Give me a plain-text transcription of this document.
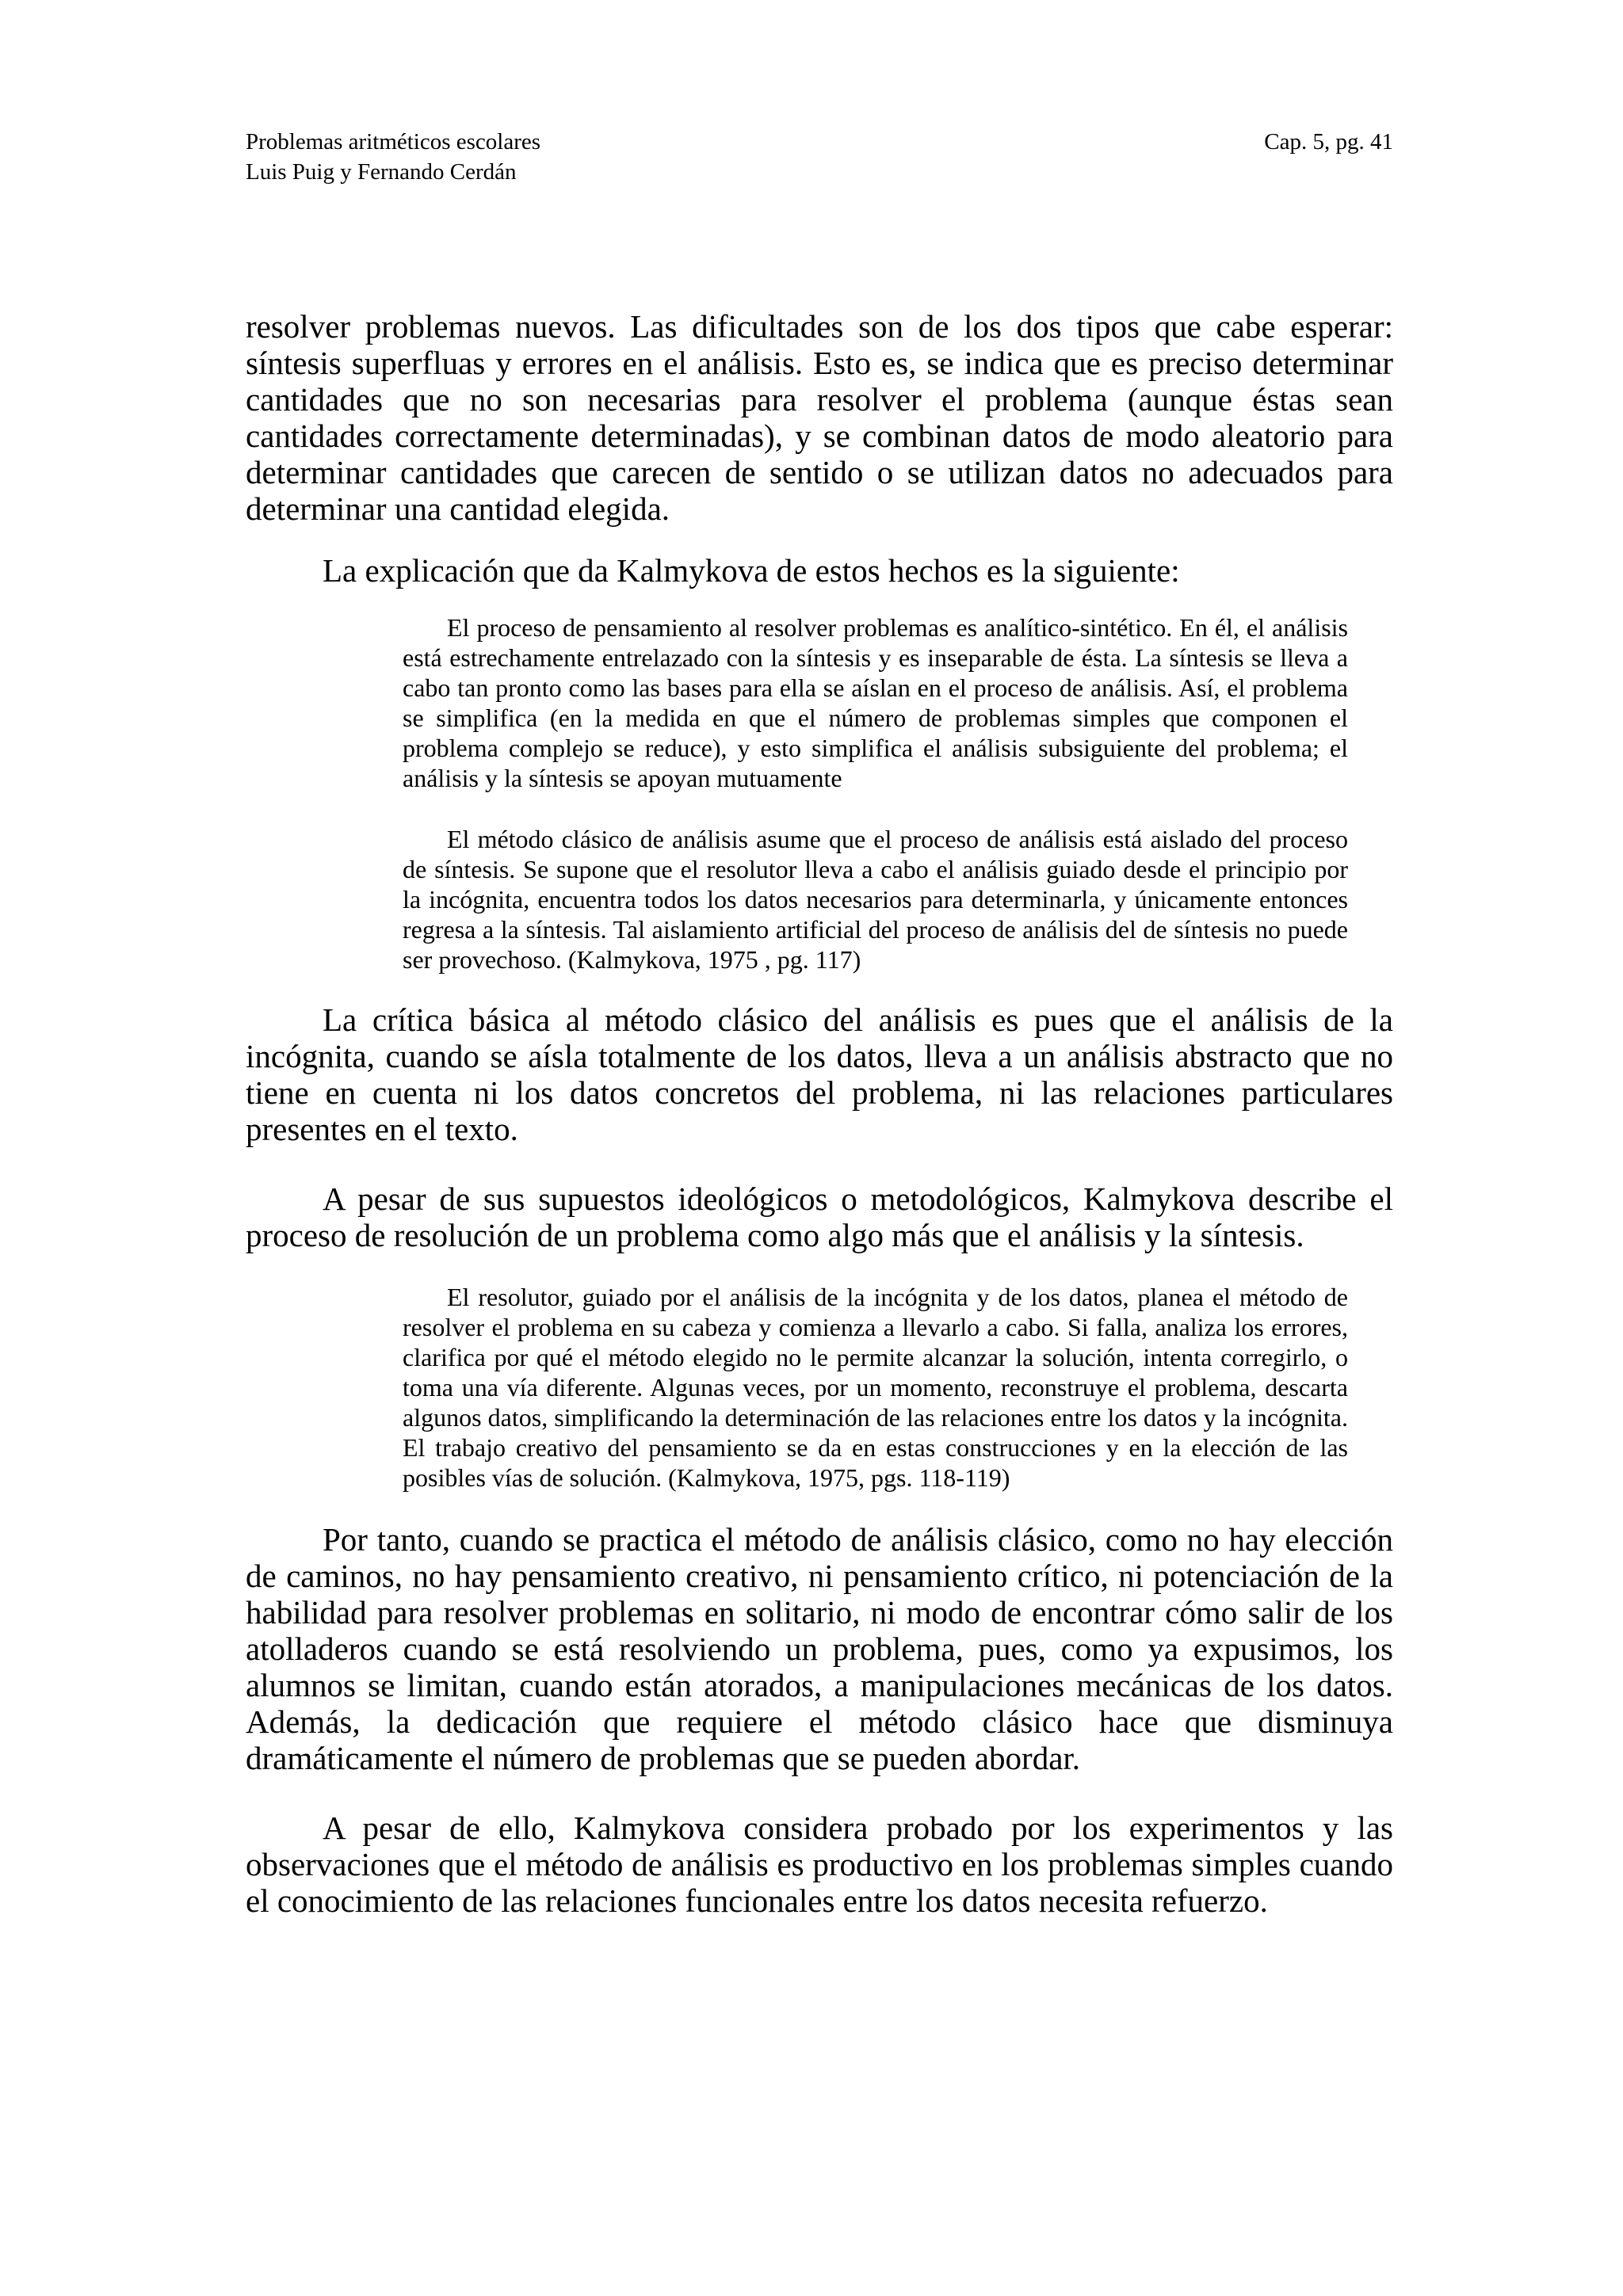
Problemas aritméticos escolares
Luis Puig y Fernando Cerdán
Cap. 5, pg. 41

resolver problemas nuevos. Las dificultades son de los dos tipos que cabe esperar: síntesis superfluas y errores en el análisis. Esto es, se indica que es preciso determinar cantidades que no son necesarias para resolver el problema (aunque éstas sean cantidades correctamente determinadas), y se combinan datos de modo aleatorio para determinar cantidades que carecen de sentido o se utilizan datos no adecuados para determinar una cantidad elegida.

La explicación que da Kalmykova de estos hechos es la siguiente:

El proceso de pensamiento al resolver problemas es analítico-sintético. En él, el análisis está estrechamente entrelazado con la síntesis y es inseparable de ésta. La síntesis se lleva a cabo tan pronto como las bases para ella se aíslan en el proceso de análisis. Así, el problema se simplifica (en la medida en que el número de problemas simples que componen el problema complejo se reduce), y esto simplifica el análisis subsiguiente del problema; el análisis y la síntesis se apoyan mutuamente

El método clásico de análisis asume que el proceso de análisis está aislado del proceso de síntesis. Se supone que el resolutor lleva a cabo el análisis guiado desde el principio por la incógnita, encuentra todos los datos necesarios para determinarla, y únicamente entonces regresa a la síntesis. Tal aislamiento artificial del proceso de análisis del de síntesis no puede ser provechoso. (Kalmykova, 1975 , pg. 117)

La crítica básica al método clásico del análisis es pues que el análisis de la incógnita, cuando se aísla totalmente de los datos, lleva a un análisis abstracto que no tiene en cuenta ni los datos concretos del problema, ni las relaciones particulares presentes en el texto.

A pesar de sus supuestos ideológicos o metodológicos, Kalmykova describe el proceso de resolución de un problema como algo más que el análisis y la síntesis.

El resolutor, guiado por el análisis de la incógnita y de los datos, planea el método de resolver el problema en su cabeza y comienza a llevarlo a cabo. Si falla, analiza los errores, clarifica por qué el método elegido no le permite alcanzar la solución, intenta corregirlo, o toma una vía diferente. Algunas veces, por un momento, reconstruye el problema, descarta algunos datos, simplificando la determinación de las relaciones entre los datos y la incógnita. El trabajo creativo del pensamiento se da en estas construcciones y en la elección de las posibles vías de solución. (Kalmykova, 1975, pgs. 118-119)

Por tanto, cuando se practica el método de análisis clásico, como no hay elección de caminos, no hay pensamiento creativo, ni pensamiento crítico, ni potenciación de la habilidad para resolver problemas en solitario, ni modo de encontrar cómo salir de los atolladeros cuando se está resolviendo un problema, pues, como ya expusimos, los alumnos se limitan, cuando están atorados, a manipulaciones mecánicas de los datos. Además, la dedicación que requiere el método clásico hace que disminuya dramáticamente el número de problemas que se pueden abordar.

A pesar de ello, Kalmykova considera probado por los experimentos y las observaciones que el método de análisis es productivo en los problemas simples cuando el conocimiento de las relaciones funcionales entre los datos necesita refuerzo.
